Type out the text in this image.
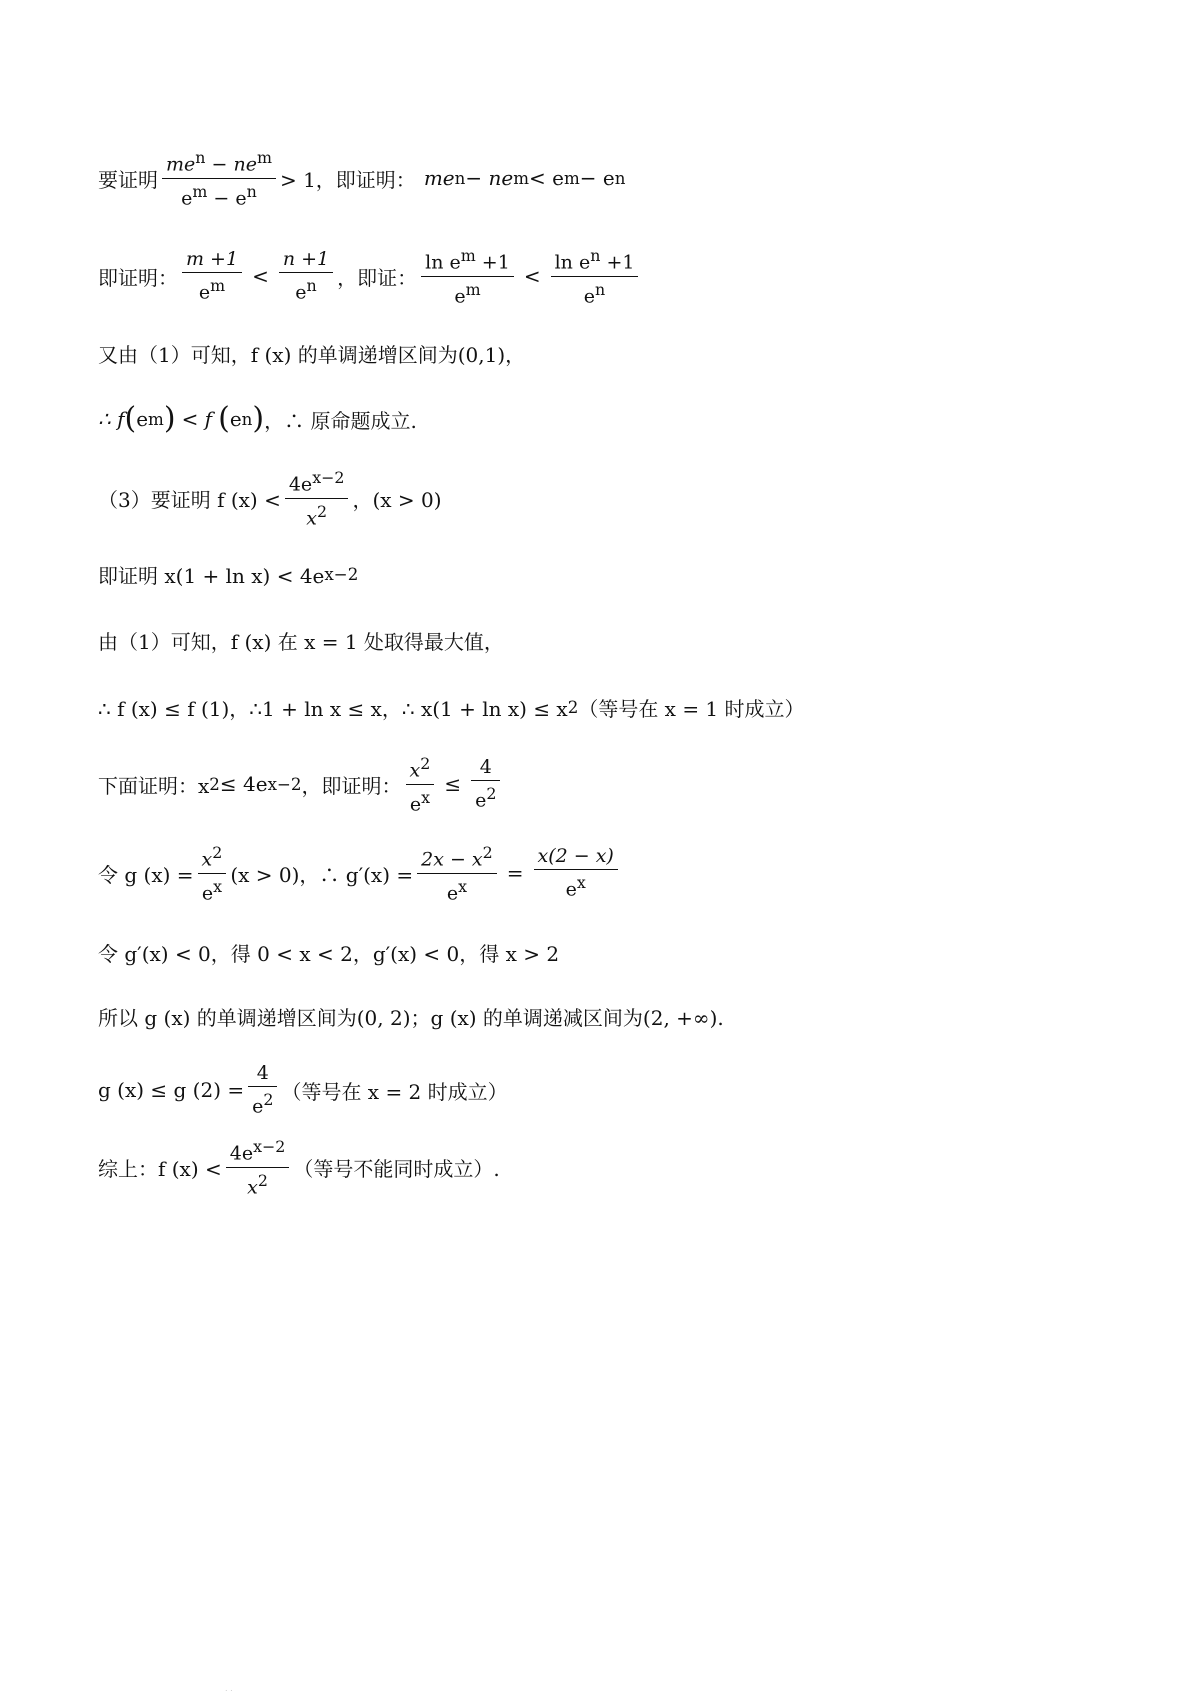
要证明 $\frac{me^n - ne^m}{e^m - e^n} > 1$，即证明： me n − ne m < e m − e n
即证明： $\frac{m +1}{e^m} < \frac{n +1}{e^n}$ ，即证： $\frac{\ln e^m +1}{e^m} < \frac{\ln e^n +1}{e^n}$
又由（1）可知，f (x) 的单调递增区间为(0,1)，
∴ f ( e m ) < f ( e n ) ，∴ 原命题成立.
（3）要证明 f $(x) < \frac{4e^{x-2}}{x^2}$ ，(x > 0)
即证明 x(1 + ln x) < 4e x−2
由（1）可知，f (x) 在 x = 1 处取得最大值，
∴ f (x) ≤ f (1)，∴1 + ln x ≤ x，∴ x(1 + ln x) ≤ x 2 （等号在 x = 1 时成立）
下面证明：x 2 ≤ 4e x−2 ，即证明： $\frac{x^2}{e^x} \le \frac{4}{e^2}$
令 g $(x) = \frac{x^2}{e^x} (x > 0)$，∴ $g'(x) = \frac{2x - x^2}{e^x} = \frac{x(2 - x)}{e^x}$
令 g′(x) < 0，得 0 < x < 2，g′(x) < 0，得 x > 2
所以 g (x) 的单调递增区间为(0, 2)；g (x) 的单调递减区间为(2, +∞).
g (x) ≤ g $(2) = \frac{4}{e^2}$ （等号在 x = 2 时成立）
综上：f $(x) < \frac{4e^{x-2}}{x^2}$ （等号不能同时成立）.
. .
